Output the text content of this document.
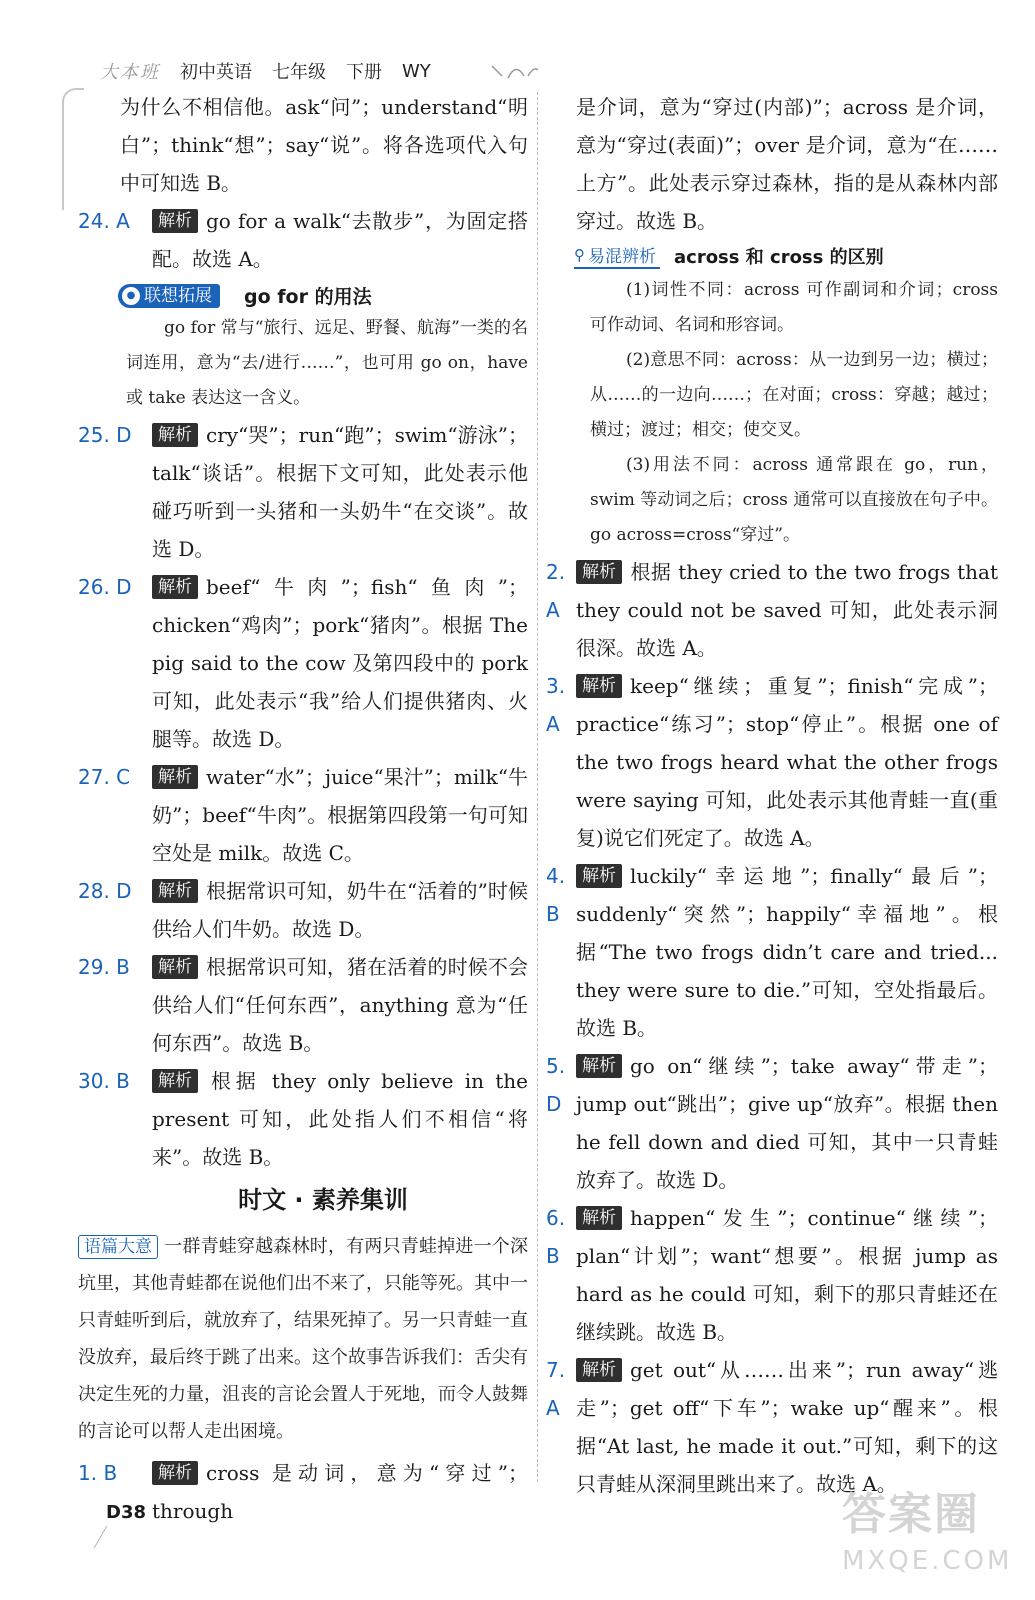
大本班 初中英语 七年级 下册 WY

为什么不相信他。ask“问”；understand“明白”；think“想”；say“说”。将各选项代入句中可知选 B。

24. A	解析 go for a walk“去散步”，为固定搭配。故选 A。
● 联想拓展 go for 的用法
go for 常与“旅行、远足、野餐、航海”一类的名词连用，意为“去/进行……”，也可用 go on，have 或 take 表达这一含义。
25. D	解析 cry“哭”；run“跑”；swim“游泳”；talk“谈话”。根据下文可知，此处表示他碰巧听到一头猪和一头奶牛“在交谈”。故选 D。
26. D	解析 beef“牛肉”；fish“鱼肉”；chicken“鸡肉”；pork“猪肉”。根据 The pig said to the cow 及第四段中的 pork 可知，此处表示“我”给人们提供猪肉、火腿等。故选 D。
27. C	解析 water“水”；juice“果汁”；milk“牛奶”；beef“牛肉”。根据第四段第一句可知空处是 milk。故选 C。
28. D	解析 根据常识可知，奶牛在“活着的”时候供给人们牛奶。故选 D。
29. B	解析 根据常识可知，猪在活着的时候不会供给人们“任何东西”，anything 意为“任何东西”。故选 B。
30. B	解析 根据 they only believe in the present 可知，此处指人们不相信“将来”。故选 B。
时文 · 素养集训
语篇大意 一群青蛙穿越森林时，有两只青蛙掉进一个深坑里，其他青蛙都在说他们出不来了，只能等死。其中一只青蛙听到后，就放弃了，结果死掉了。另一只青蛙一直没放弃，最后终于跳了出来。这个故事告诉我们：舌尖有决定生死的力量，沮丧的言论会置人于死地，而令人鼓舞的言论可以帮人走出困境。
1. B	解析 cross 是动词，意为“穿过”；through

是介词，意为“穿过(内部)”；across 是介词，意为“穿过(表面)”；over 是介词，意为“在……上方”。此处表示穿过森林，指的是从森林内部穿过。故选 B。

⚲ 易混辨析 across 和 cross 的区别
(1)词性不同：across 可作副词和介词；cross 可作动词、名词和形容词。
(2)意思不同：across：从一边到另一边；横过；从……的一边向……；在对面；cross：穿越；越过；横过；渡过；相交；使交叉。
(3)用法不同：across 通常跟在 go，run，swim 等动词之后；cross 通常可以直接放在句子中。go across=cross“穿过”。
2. A
解析 根据 they cried to the two frogs that they could not be saved 可知，此处表示洞很深。故选 A。
3. A
解析 keep“继续；重复”；finish“完成”；practice“练习”；stop“停止”。根据 one of the two frogs heard what the other frogs were saying 可知，此处表示其他青蛙一直(重复)说它们死定了。故选 A。
4. B
解析 luckily“幸运地”；finally“最后”；suddenly“突然”；happily“幸福地”。根据“The two frogs didn’t care and tried... they were sure to die.”可知，空处指最后。故选 B。
5. D
解析 go on“继续”；take away“带走”；jump out“跳出”；give up“放弃”。根据 then he fell down and died 可知，其中一只青蛙放弃了。故选 D。
6. B
解析 happen“发生”；continue“继续”；plan“计划”；want“想要”。根据 jump as hard as he could 可知，剩下的那只青蛙还在继续跳。故选 B。
7. A
解析 get out“从……出来”；run away“逃走”；get off“下车”；wake up“醒来”。根据“At last, he made it out.”可知，剩下的这只青蛙从深洞里跳出来了。故选 A。
D38	答案圈
MXQE.COM
